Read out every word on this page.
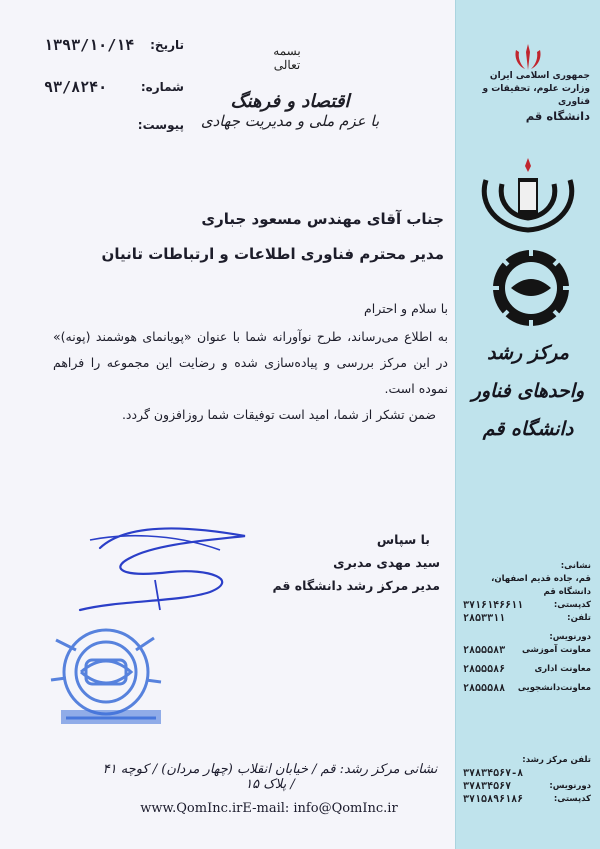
تاریخ:
۱۳۹۳/۱۰/۱۴
شماره:
۹۳/۸۲۴۰
پیوست:
بسمه تعالی
اقتصاد و فرهنگ
با عزم ملی و مدیریت جهادی
جناب آقای مهندس مسعود جباری
مدیر محترم فناوری اطلاعات و ارتباطات تانیان

با سلام و احترام

به اطلاع می‌رساند، طرح نوآورانه شما با عنوان «پویانمای هوشمند (پونه)» در این مرکز بررسی و پیاده‌سازی شده و رضایت این مجموعه را فراهم نموده است.

ضمن تشکر از شما، امید است توفیقات شما روزافزون گردد.

با سپاس
سید مهدی مدبری
مدیر مرکز رشد دانشگاه قم
نشانی مرکز رشد: قم / خیابان انقلاب (چهار مردان) / کوچه ۴۱ / پلاک ۱۵
www.QomInc.irE-mail: info@QomInc.ir
جمهوری اسلامی ایران
وزارت علوم، تحقیقات و فناوری
دانشگاه قم
مرکز رشد
واحدهای فناور
دانشگاه قم
نشانی:
قم، جاده قدیم اصفهان، دانشگاه قم
کدپستی:
۳۷۱۶۱۴۶۶۱۱
تلفن:
۲۸۵۳۳۱۱
دورنویس:
معاونت آموزشی
۲۸۵۵۵۸۳
معاونت اداری
۲۸۵۵۵۸۶
معاونت‌دانشجویی
۲۸۵۵۵۸۸
تلفن مرکز رشد:
۳۷۸۳۴۵۶۷-۸
دورنویس:
۳۷۸۳۴۵۶۷
کدپستی:
۳۷۱۵۸۹۶۱۸۶
